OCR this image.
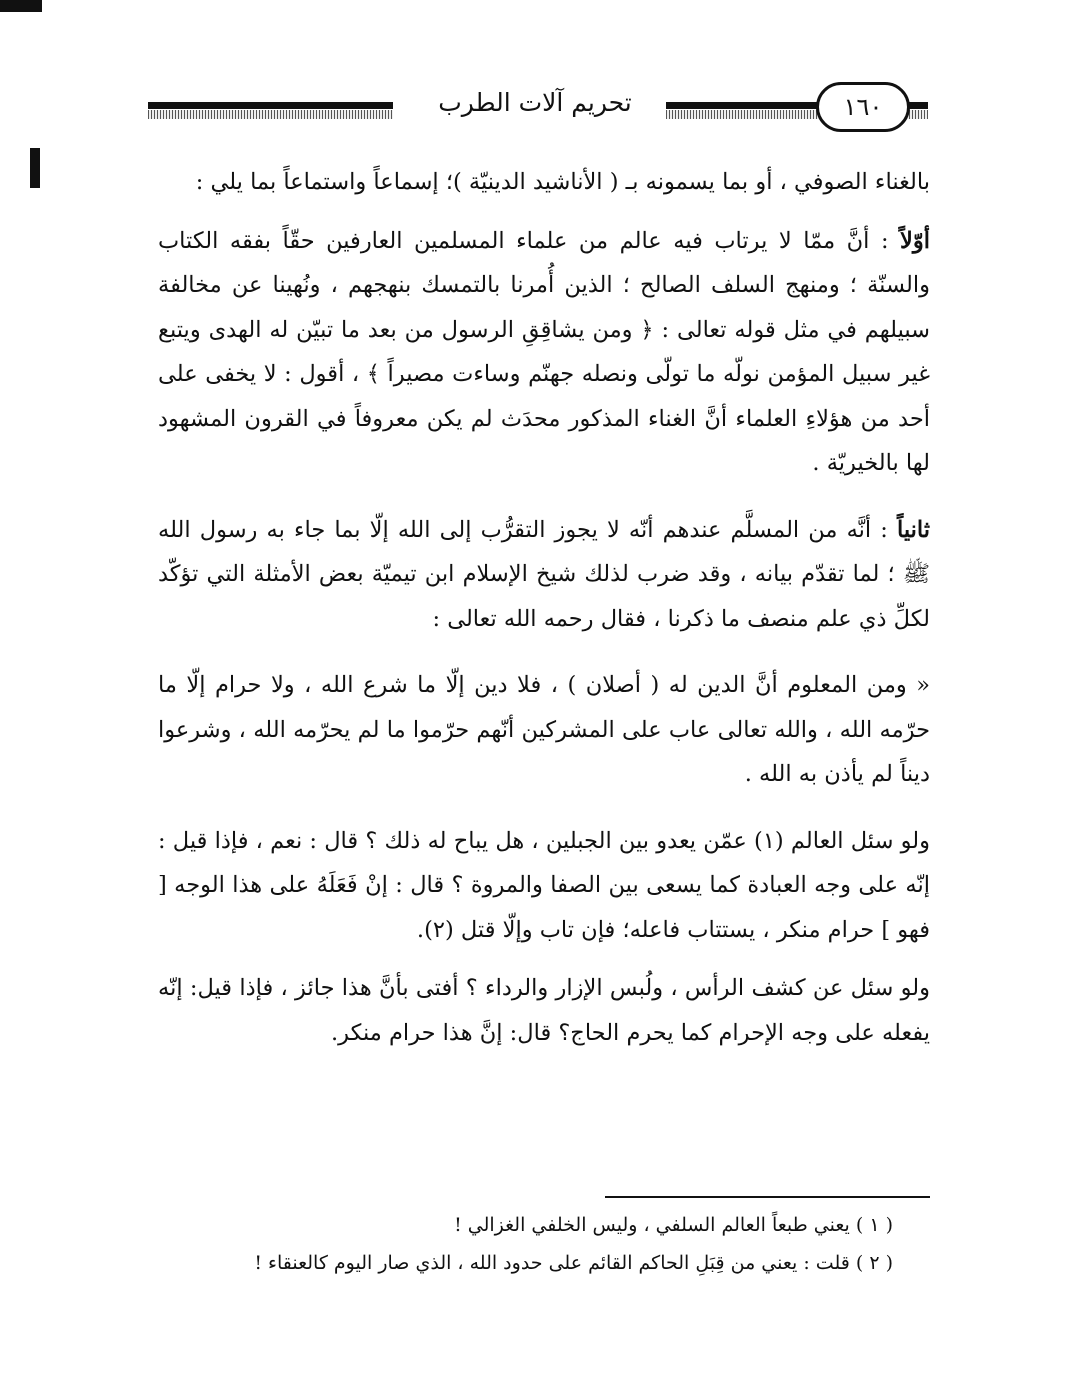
تحريم آلات الطرب	١٦٠

بالغناء الصوفي ، أو بما يسمونه بـ ( الأناشيد الدينيّة )؛ إسماعاً واستماعاً بما يلي :

أوّلاً : أنَّ ممّا لا يرتاب فيه عالم من علماء المسلمين العارفين حقّاً بفقه الكتاب والسنّة ؛ ومنهج السلف الصالح ؛ الذين أُمرنا بالتمسك بنهجهم ، ونُهينا عن مخالفة سبيلهم في مثل قوله تعالى : ﴿ ومن يشاقِقِ الرسول من بعد ما تبيّن له الهدى ويتبع غير سبيل المؤمن نولّه ما تولّى ونصله جهنّم وساءت مصيراً ﴾ ، أقول : لا يخفى على أحد من هؤلاءِ العلماء أنَّ الغناء المذكور محدَث لم يكن معروفاً في القرون المشهود لها بالخيريّة .

ثانياً : أنَّه من المسلَّم عندهم أنّه لا يجوز التقرُّب إلى الله إلّا بما جاء به رسول الله ﷺ ؛ لما تقدّم بيانه ، وقد ضرب لذلك شيخ الإسلام ابن تيميّة بعض الأمثلة التي تؤكّد لكلِّ ذي علم منصف ما ذكرنا ، فقال رحمه الله تعالى :

« ومن المعلوم أنَّ الدين له ( أصلان ) ، فلا دين إلّا ما شرع الله ، ولا حرام إلّا ما حرّمه الله ، والله تعالى عاب على المشركين أنّهم حرّموا ما لم يحرّمه الله ، وشرعوا ديناً لم يأذن به الله .

ولو سئل العالم (١) عمّن يعدو بين الجبلين ، هل يباح له ذلك ؟ قال : نعم ، فإذا قيل : إنّه على وجه العبادة كما يسعى بين الصفا والمروة ؟ قال : إنْ فَعَلَهُ على هذا الوجه [ فهو ] حرام منكر ، يستتاب فاعله؛ فإن تاب وإلّا قتل (٢).

ولو سئل عن كشف الرأس ، ولُبس الإزار والرداء ؟ أفتى بأنَّ هذا جائز ، فإذا قيل: إنّه يفعله على وجه الإحرام كما يحرم الحاج؟ قال: إنَّ هذا حرام منكر.

( ١ ) يعني طبعاً العالم السلفي ، وليس الخلفي الغزالي !

( ٢ ) قلت : يعني من قِبَلِ الحاكم القائم على حدود الله ، الذي صار اليوم كالعنقاء !
